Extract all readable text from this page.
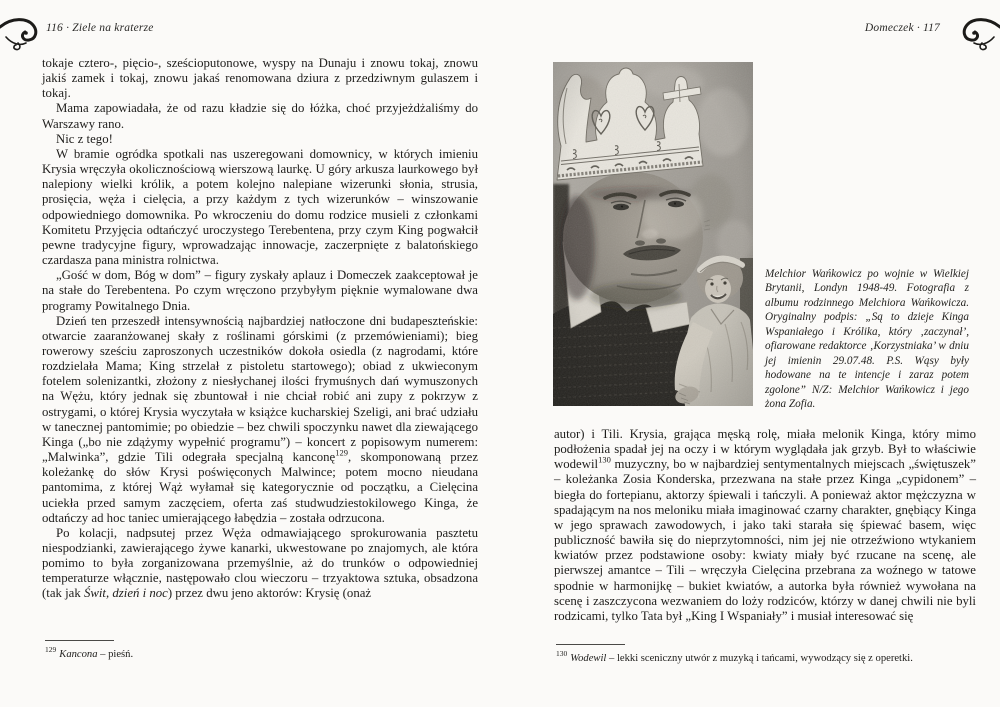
116 · Ziele na kraterze	Domeczek · 117

tokaje cztero-, pięcio-, sześcioputonowe, wyspy na Dunaju i znowu tokaj, znowu jakiś zamek i tokaj, znowu jakaś renomowana dziura z przedziwnym gulaszem i tokaj.

Mama zapowiadała, że od razu kładzie się do łóżka, choć przyjeżdżaliśmy do Warszawy rano.

Nic z tego!

W bramie ogródka spotkali nas uszeregowani domownicy, w których imieniu Krysia wręczyła okolicznościową wierszową laurkę. U góry arkusza laurkowego był nalepiony wielki królik, a potem kolejno nalepiane wizerunki słonia, strusia, prosięcia, węża i cielęcia, a przy każdym z tych wizerunków – winszowanie odpowiedniego domownika. Po wkroczeniu do domu rodzice musieli z członkami Komitetu Przyjęcia odtańczyć uroczystego Terebentena, przy czym King pogwałcił pewne tradycyjne figury, wprowadzając innowacje, zaczerpnięte z balatońskiego czardasza pana ministra rolnictwa.

„Gość w dom, Bóg w dom” – figury zyskały aplauz i Domeczek zaakceptował je na stałe do Terebentena. Po czym wręczono przybyłym pięknie wymalowane dwa programy Powitalnego Dnia.

Dzień ten przeszedł intensywnością najbardziej natłoczone dni budapeszteńskie: otwarcie zaaranżowanej skały z roślinami górskimi (z przemówieniami); bieg rowerowy sześciu zaproszonych uczestników dokoła osiedla (z nagrodami, które rozdzielała Mama; King strzelał z pistoletu startowego); obiad z ukwieconym fotelem solenizantki, złożony z niesłychanej ilości frymuśnych dań wymuszonych na Wężu, który jednak się zbuntował i nie chciał robić ani zupy z pokrzyw z ostrygami, o której Krysia wyczytała w książce kucharskiej Szeligi, ani brać udziału w tanecznej pantomimie; po obiedzie – bez chwili spoczynku nawet dla ziewającego Kinga („bo nie zdążymy wypełnić programu”) – koncert z popisowym numerem: „Malwinka”, gdzie Tili odegrała specjalną kanconę$^{129}$, skomponowaną przez koleżankę do słów Krysi poświęconych Malwince; potem mocno nieudana pantomima, z której Wąż wyłamał się kategorycznie od początku, a Cielęcina uciekła przed samym zaczęciem, oferta zaś studwudziestokilowego Kinga, że odtańczy ad hoc taniec umierającego łabędzia – została odrzucona.

Po kolacji, nadpsutej przez Węża odmawiającego sprokurowania pasztetu niespodzianki, zawierającego żywe kanarki, ukwestowane po znajomych, ale która pomimo to była zorganizowana przemyślnie, aż do trunków o odpowiedniej temperaturze włącznie, następowało clou wieczoru – trzyaktowa sztuka, obsadzona (tak jak Świt, dzień i noc) przez dwu jeno aktorów: Krysię (onaż

$^{129}$ Kancona – pieśń.

Melchior Wańkowicz po wojnie w Wielkiej Brytanii, Londyn 1948-49. Fotografia z albumu rodzinnego Melchiora Wańkowicza. Oryginalny podpis: „Są to dzieje Kinga Wspaniałego i Królika, który ‚zaczynał’, ofiarowane redaktorce ‚Korzystniaka’ w dniu jej imienin 29.07.48. P.S. Wąsy były hodowane na te intencje i zaraz potem zgolone” N/Z: Melchior Wańkowicz i jego żona Zofia.

autor) i Tili. Krysia, grająca męską rolę, miała melonik Kinga, który mimo podłożenia spadał jej na oczy i w którym wyglądała jak grzyb. Był to właściwie wodewil$^{130}$ muzyczny, bo w najbardziej sentymentalnych miejscach „świętuszek” – koleżanka Zosia Konderska, przezwana na stałe przez Kinga „cypidonem” – biegła do fortepianu, aktorzy śpiewali i tańczyli. A ponieważ aktor mężczyzna w spadającym na nos meloniku miała imaginować czarny charakter, gnębiący Kinga w jego sprawach zawodowych, i jako taki starała się śpiewać basem, więc publiczność bawiła się do nieprzytomności, nim jej nie otrzeźwiono wtykaniem kwiatów przez podstawione osoby: kwiaty miały być rzucane na scenę, ale pierwszej amantce – Tili – wręczyła Cielęcina przebrana za woźnego w tatowe spodnie w harmonijkę – bukiet kwiatów, a autorka była również wywołana na scenę i zaszczycona wezwaniem do loży rodziców, którzy w danej chwili nie byli rodzicami, tylko Tata był „King I Wspaniały” i musiał interesować się

$^{130}$ Wodewil – lekki sceniczny utwór z muzyką i tańcami, wywodzący się z operetki.
